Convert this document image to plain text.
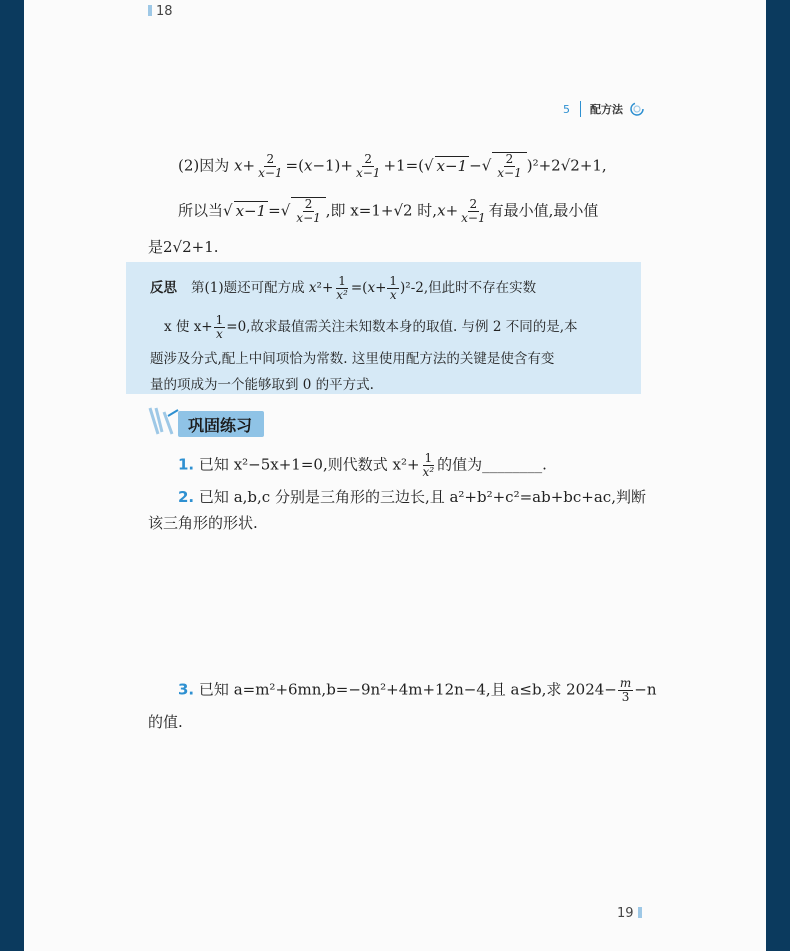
18
5 配方法
(2)因为 $x+ \frac{2}{x-1} =(x-1)+ \frac{2}{x-1} +1=(√$ x−1 −√ $\frac{2}{x-1} )^2+2√2+1$,
所以当√ x−1 =√ $\frac{2}{x-1}$ ,即 x=1+√2 时$,x+ \frac{2}{x-1}$ 有最小值,最小值
是2√2+1.
反思 第(1)题还可配方成 $x^2+ \frac{1}{\text{x²}} =(x+ \frac{1}{x} )^2-2$,但此时不存在实数
x 使 $x+ \frac{1}{x} =0$,故求最值需关注未知数本身的取值. 与例 2 不同的是,本
题涉及分式,配上中间项恰为常数. 这里使用配方法的关键是使含有变
量的项成为一个能够取到 0 的平方式.
巩固练习
1. 已知 x²−5x+1=0,则代数式 $x^2+ \frac{1}{\text{x²}}$ 的值为________.
2. 已知 a,b,c 分别是三角形的三边长,且 a²+b²+c²=ab+bc+ac,判断
该三角形的形状.
3. 已知 a=m²+6mn,b=−9n²+4m+12n−4,且 a≤b,求 $2024- \frac{m}{3} -n$
的值.
19
